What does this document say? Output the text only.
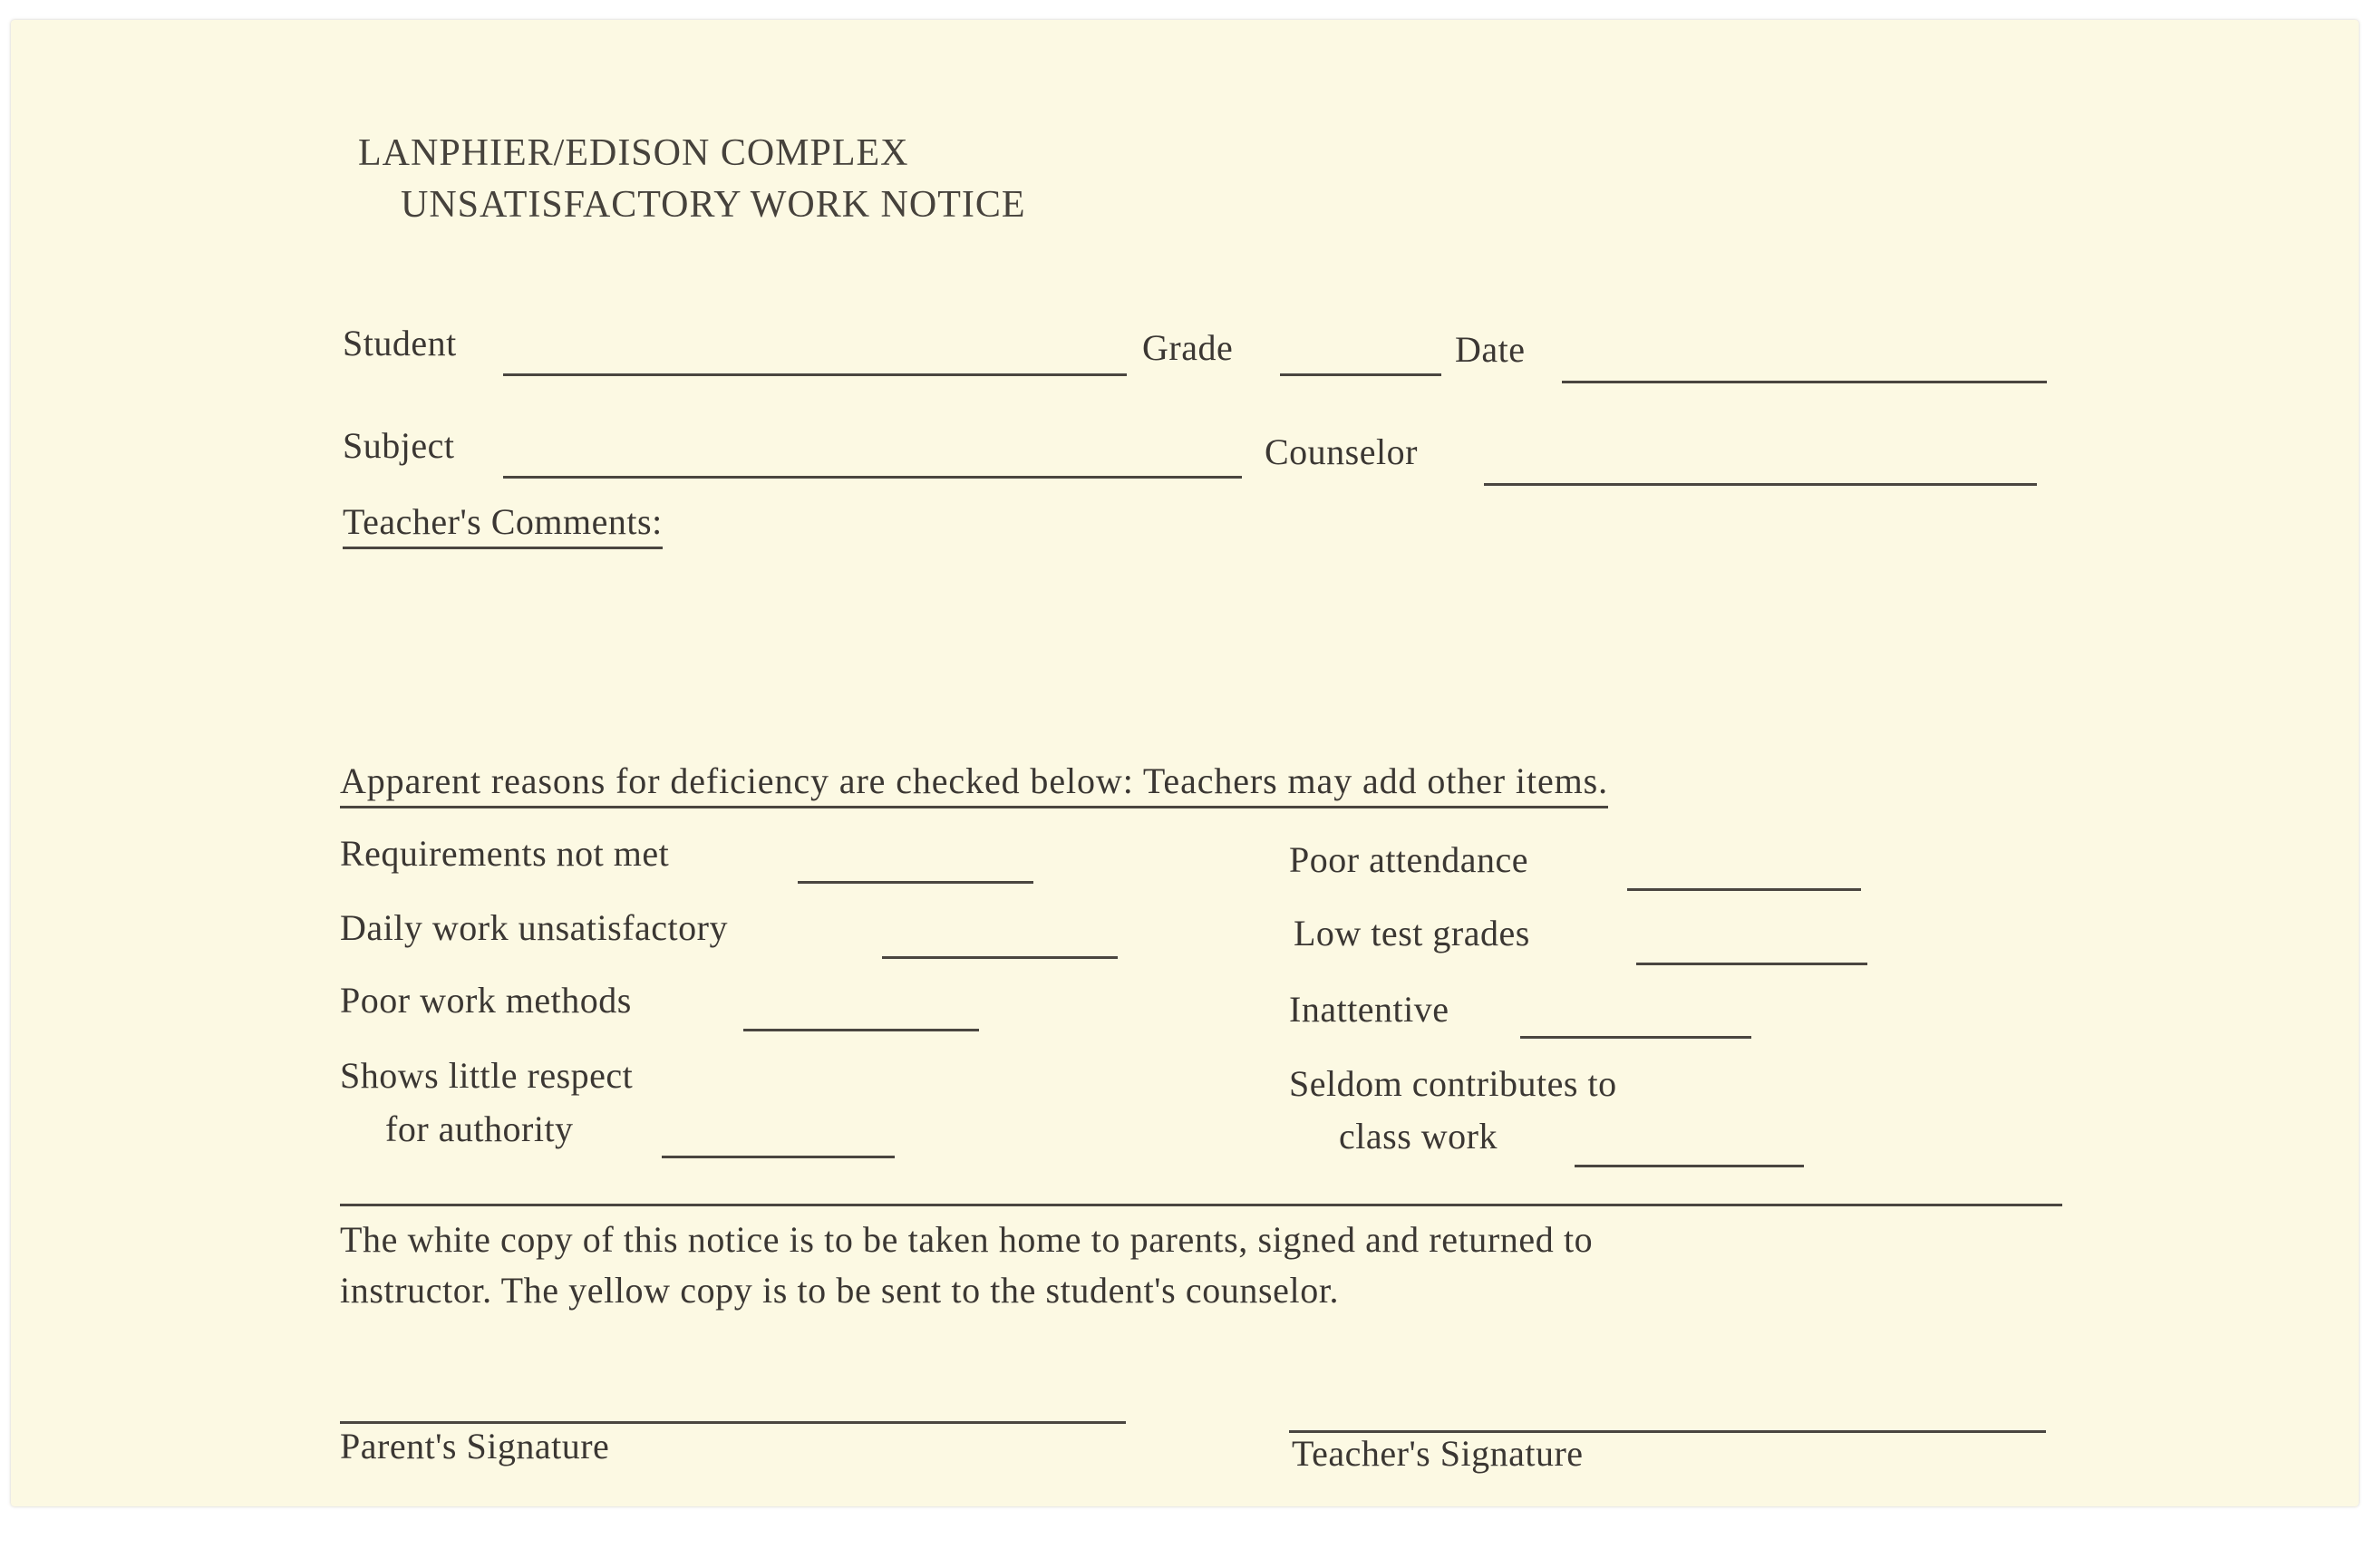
LANPHIER/EDISON COMPLEX
UNSATISFACTORY WORK NOTICE
Student	Grade	Date
Subject	Counselor
Teacher's Comments:
Apparent reasons for deficiency are checked below: Teachers may add other items.
Requirements not met
Daily work unsatisfactory
Poor work methods
Shows little respect
for authority
Poor attendance
Low test grades
Inattentive
Seldom contributes to
class work
The white copy of this notice is to be taken home to parents, signed and returned to
instructor. The yellow copy is to be sent to the student's counselor.
Parent's Signature	Teacher's Signature
